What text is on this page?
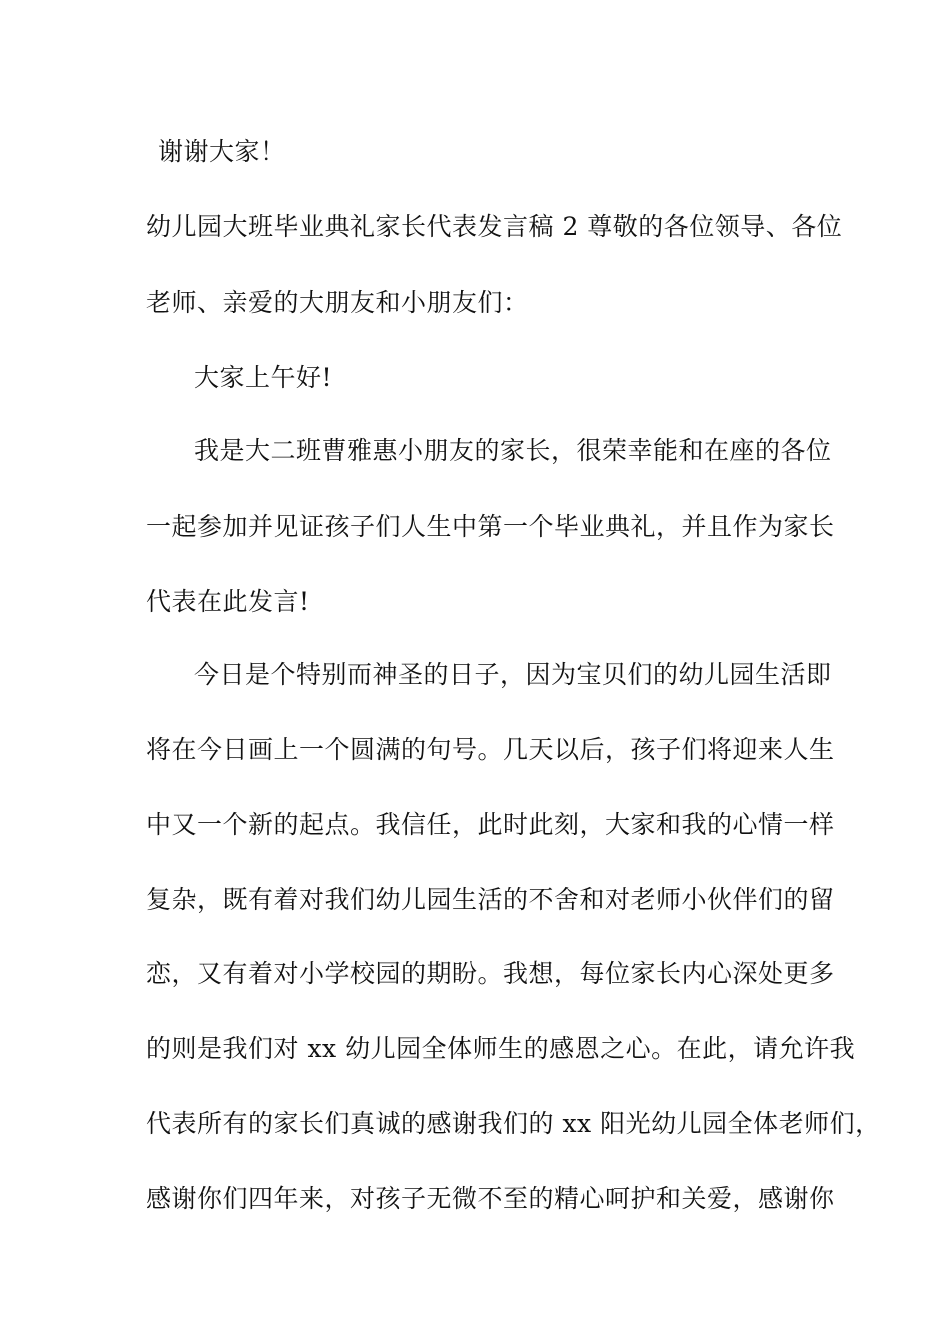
谢谢大家！
幼儿园大班毕业典礼家长代表发言稿 2 尊敬的各位领导、各位
老师、亲爱的大朋友和小朋友们：
大家上午好!
我是大二班曹雅惠小朋友的家长，很荣幸能和在座的各位
一起参加并见证孩子们人生中第一个毕业典礼，并且作为家长
代表在此发言!
今日是个特别而神圣的日子，因为宝贝们的幼儿园生活即
将在今日画上一个圆满的句号。几天以后，孩子们将迎来人生
中又一个新的起点。我信任，此时此刻，大家和我的心情一样
复杂，既有着对我们幼儿园生活的不舍和对老师小伙伴们的留
恋，又有着对小学校园的期盼。我想，每位家长内心深处更多
的则是我们对 xx 幼儿园全体师生的感恩之心。在此，请允许我
代表所有的家长们真诚的感谢我们的 xx 阳光幼儿园全体老师们，
感谢你们四年来，对孩子无微不至的精心呵护和关爱，感谢你
